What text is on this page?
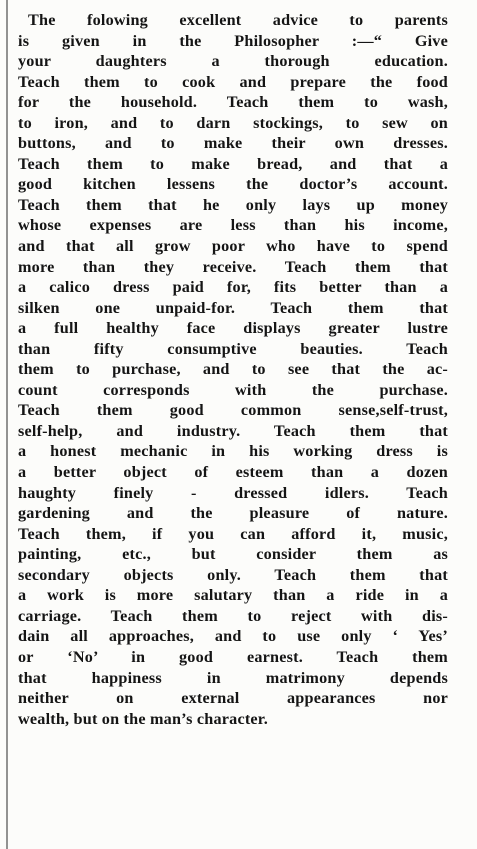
The folowing excellent advice to parents
is given in the Philosopher :—“ Give
your daughters a thorough education.
Teach them to cook and prepare the food
for the household. Teach them to wash,
to iron, and to darn stockings, to sew on
buttons, and to make their own dresses.
Teach them to make bread, and that a
good kitchen lessens the doctor’s account.
Teach them that he only lays up money
whose expenses are less than his income,
and that all grow poor who have to spend
more than they receive. Teach them that
a calico dress paid for, fits better than a
silken one unpaid-for. Teach them that
a full healthy face displays greater lustre
than fifty consumptive beauties. Teach
them to purchase, and to see that the ac-
count corresponds with the purchase.
Teach them good common sense,self-trust,
self-help, and industry. Teach them that
a honest mechanic in his working dress is
a better object of esteem than a dozen
haughty finely - dressed idlers. Teach
gardening and the pleasure of nature.
Teach them, if you can afford it, music,
painting, etc., but consider them as
secondary objects only. Teach them that
a work is more salutary than a ride in a
carriage. Teach them to reject with dis-
dain all approaches, and to use only ‘ Yes’
or ‘No’ in good earnest. Teach them
that happiness in matrimony depends
neither on external appearances nor
wealth, but on the man’s character.
